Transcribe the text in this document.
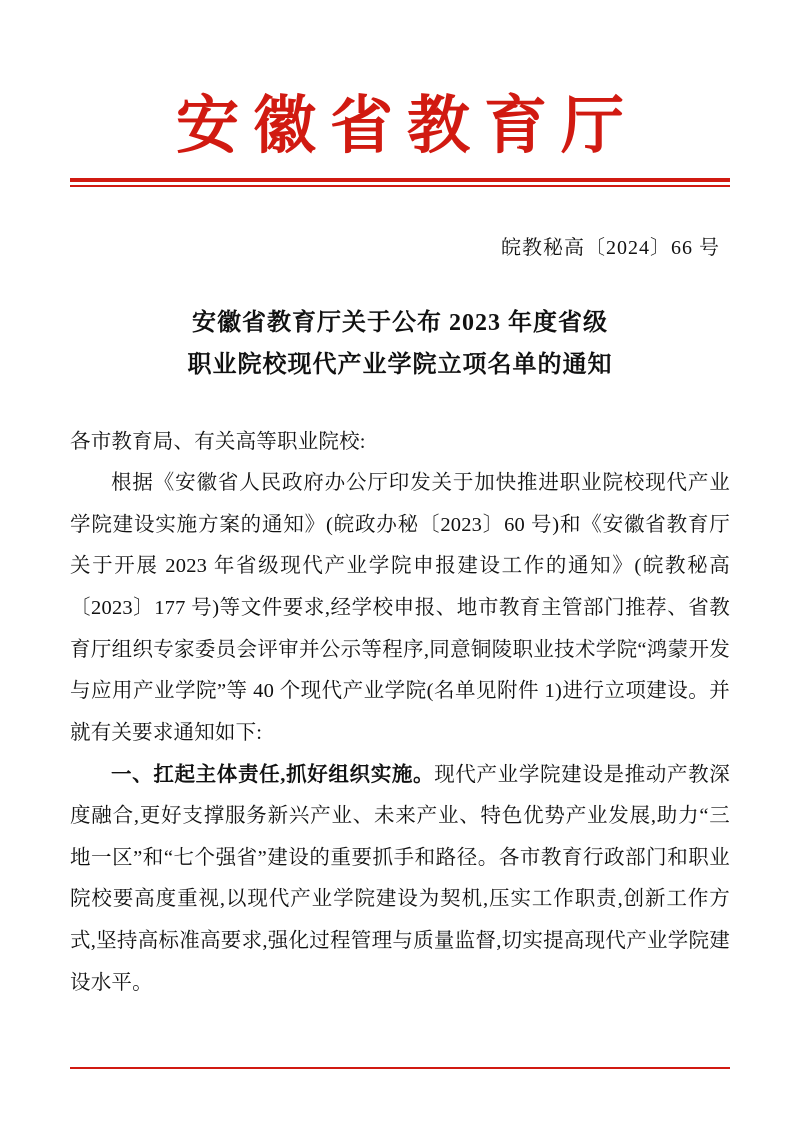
安徽省教育厅
皖教秘高〔2024〕66 号
安徽省教育厅关于公布 2023 年度省级
职业院校现代产业学院立项名单的通知

各市教育局、有关高等职业院校:

根据《安徽省人民政府办公厅印发关于加快推进职业院校现代产业学院建设实施方案的通知》(皖政办秘〔2023〕60 号)和《安徽省教育厅关于开展 2023 年省级现代产业学院申报建设工作的通知》(皖教秘高〔2023〕177 号)等文件要求,经学校申报、地市教育主管部门推荐、省教育厅组织专家委员会评审并公示等程序,同意铜陵职业技术学院“鸿蒙开发与应用产业学院”等 40 个现代产业学院(名单见附件 1)进行立项建设。并就有关要求通知如下:

一、扛起主体责任,抓好组织实施。现代产业学院建设是推动产教深度融合,更好支撑服务新兴产业、未来产业、特色优势产业发展,助力“三地一区”和“七个强省”建设的重要抓手和路径。各市教育行政部门和职业院校要高度重视,以现代产业学院建设为契机,压实工作职责,创新工作方式,坚持高标准高要求,强化过程管理与质量监督,切实提高现代产业学院建设水平。
